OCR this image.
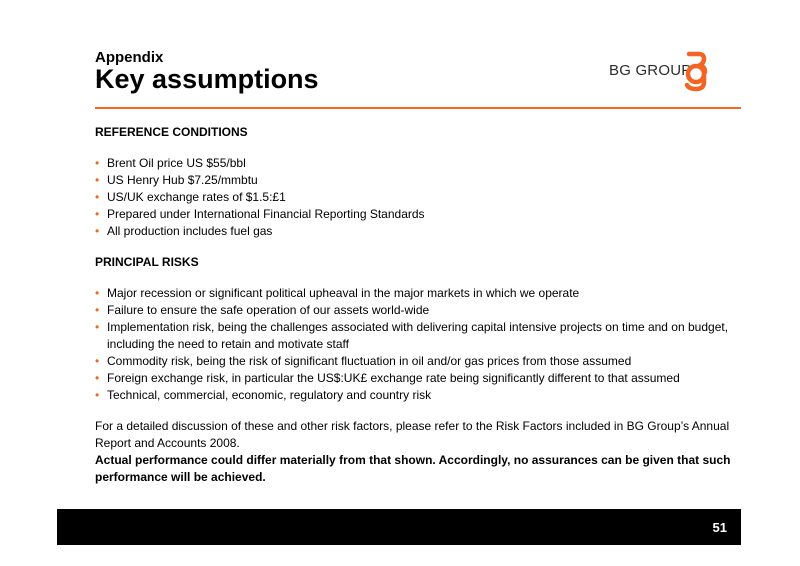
Appendix
Key assumptions	BG GROUP

REFERENCE CONDITIONS

• Brent Oil price US $55/bbl
• US Henry Hub $7.25/mmbtu
• US/UK exchange rates of $1.5:£1
• Prepared under International Financial Reporting Standards
• All production includes fuel gas

PRINCIPAL RISKS

• Major recession or significant political upheaval in the major markets in which we operate
• Failure to ensure the safe operation of our assets world-wide
• Implementation risk, being the challenges associated with delivering capital intensive projects on time and on budget, including the need to retain and motivate staff
• Commodity risk, being the risk of significant fluctuation in oil and/or gas prices from those assumed
• Foreign exchange risk, in particular the US$:UK£ exchange rate being significantly different to that assumed
• Technical, commercial, economic, regulatory and country risk

For a detailed discussion of these and other risk factors, please refer to the Risk Factors included in BG Group’s Annual Report and Accounts 2008.

Actual performance could differ materially from that shown. Accordingly, no assurances can be given that such performance will be achieved.

51
